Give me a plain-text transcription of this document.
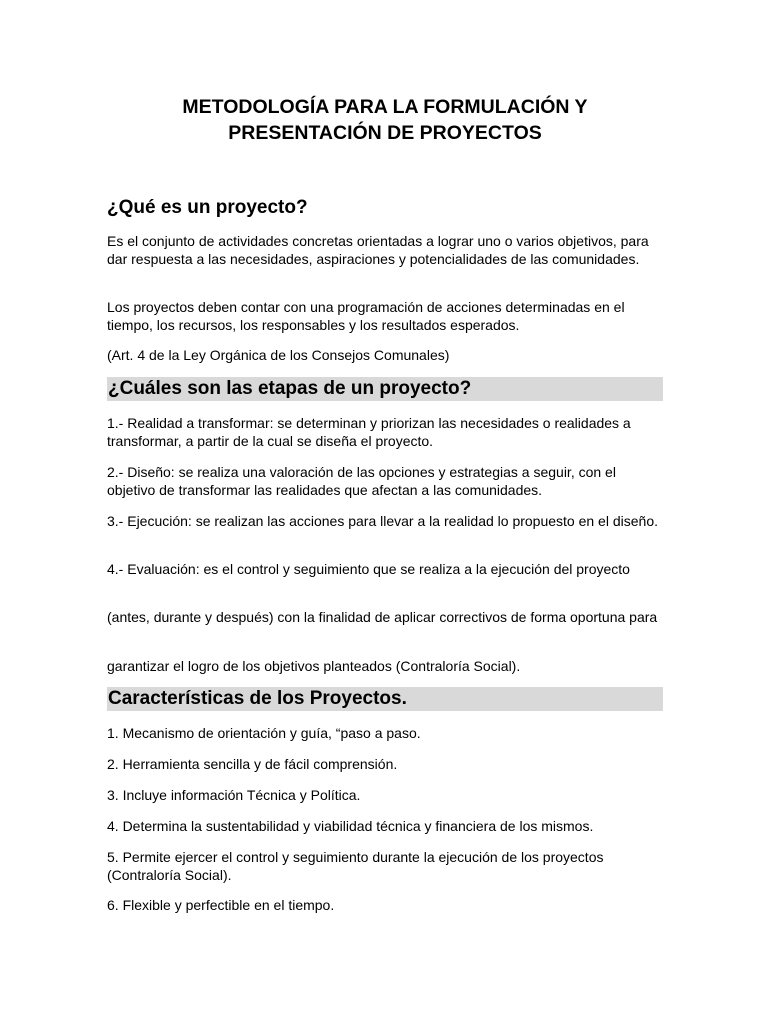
METODOLOGÍA PARA LA FORMULACIÓN Y
PRESENTACIÓN DE PROYECTOS
¿Qué es un proyecto?

Es el conjunto de actividades concretas orientadas a lograr uno o varios objetivos, para dar respuesta a las necesidades, aspiraciones y potencialidades de las comunidades.

Los proyectos deben contar con una programación de acciones determinadas en el tiempo, los recursos, los responsables y los resultados esperados.

(Art. 4 de la Ley Orgánica de los Consejos Comunales)

¿Cuáles son las etapas de un proyecto?

1.- Realidad a transformar: se determinan y priorizan las necesidades o realidades a transformar, a partir de la cual se diseña el proyecto.

2.- Diseño: se realiza una valoración de las opciones y estrategias a seguir, con el objetivo de transformar las realidades que afectan a las comunidades.

3.- Ejecución: se realizan las acciones para llevar a la realidad lo propuesto en el diseño.

4.- Evaluación: es el control y seguimiento que se realiza a la ejecución del proyecto

(antes, durante y después) con la finalidad de aplicar correctivos de forma oportuna para

garantizar el logro de los objetivos planteados (Contraloría Social).

Características de los Proyectos.

1. Mecanismo de orientación y guía, “paso a paso.

2. Herramienta sencilla y de fácil comprensión.

3. Incluye información Técnica y Política.

4. Determina la sustentabilidad y viabilidad técnica y financiera de los mismos.

5. Permite ejercer el control y seguimiento durante la ejecución de los proyectos (Contraloría Social).

6. Flexible y perfectible en el tiempo.
